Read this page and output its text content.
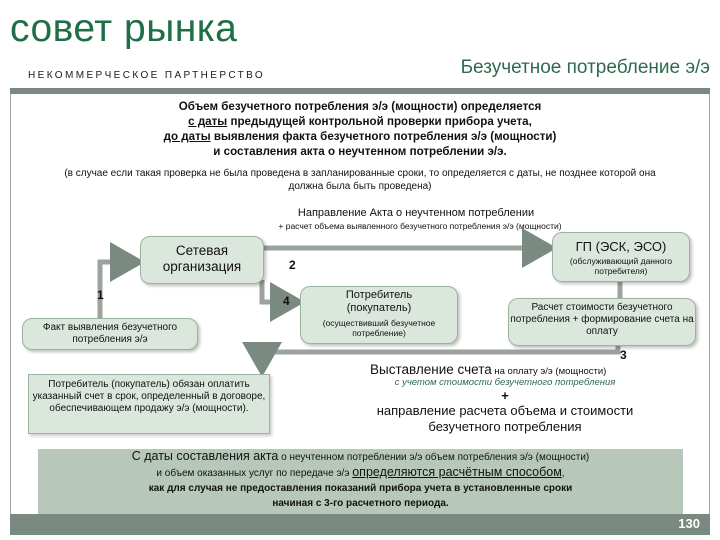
совет рынка
НЕКОММЕРЧЕСКОЕ ПАРТНЕРСТВО	Безучетное потребление э/э
Объем безучетного потребления э/э (мощности) определяется
с даты предыдущей контрольной проверки прибора учета,
до даты выявления факта безучетного потребления э/э (мощности)
и составления акта о неучтенном потреблении э/э.
(в случае если такая проверка не была проведена в запланированные сроки, то определяется с даты, не позднее которой она должна была быть проведена)
Направление Акта о неучтенном потреблении
+ расчет объема выявленного безучетного потребления э/э (мощности)
Сетевая организация	2
1	4
ГП (ЭСК, ЭСО)
(обслуживающий данного потребителя)
Факт выявления безучетного потребления э/э
Потребитель (покупатель)
(осуществивший безучетное потребление)
Расчет стоимости безучетного потребления + формирование счета на оплату
3
Потребитель (покупатель) обязан оплатить указанный счет в срок, определенный в договоре, обеспечивающем продажу э/э (мощности).
Выставление счета на оплату э/э (мощности)
с учетом стоимости безучетного потребления
+
направление расчета объема и стоимости безучетного потребления
С даты составления акта о неучтенном потреблении э/э объем потребления э/э (мощности)
и объем оказанных услуг по передаче э/э определяются расчётным способом,
как для случая не предоставления показаний прибора учета в установленные сроки
начиная с 3-го расчетного периода.
130
